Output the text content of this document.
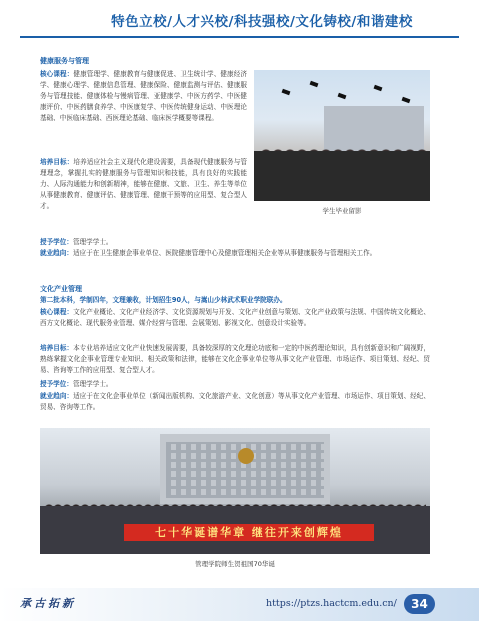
特色立校/人才兴校/科技强校/文化铸校/和谐建校
健康服务与管理
核心课程：健康管理学、健康教育与健康促进、卫生统计学、健康经济学、健康心理学、健康信息管理、健康保险、健康监测与评估、健康服务与管理技能、健康体检与慢病管理、亚健康学、中医方药学、中医健康评价、中医药膳食养学、中医康复学、中医传统健身运动、中医理论基础、中医临床基础、西医理论基础、临床医学概要等课程。
培养目标：培养适应社会主义现代化建设需要，具备现代健康服务与管理理念，掌握扎实的健康服务与管理知识和技能，具有良好的实践能力、人际沟通能力和创新精神，能够在健康、文旅、卫生、养生等单位从事健康教育、健康评估、健康管理、健康干预等的应用型、复合型人才。
授予学位：管理学学士。
就业趋向：适应于在卫生健康企事业单位、医院健康管理中心及健康管理相关企业等从事健康服务与管理相关工作。
学生毕业留影
文化产业管理
第二批本科，学制四年，文理兼收，计划招生90人，与嵩山少林武术职业学院联办。
核心课程：文化产业概论、文化产业经济学、文化资源规划与开发、文化产业创意与策划、文化产业政策与法规、中国传统文化概论、西方文化概论、现代服务业管理、媒介经营与管理、会展策划、影视文化、创意设计实验等。
培养目标：本专业培养适应文化产业快速发展需要，具备较深厚的文化理论功底和一定的中医药理论知识，具有创新意识和广阔视野，熟练掌握文化企事业管理专业知识、相关政策和法律，能够在文化企事业单位等从事文化产业管理、市场运作、项目策划、经纪、贸易、咨询等工作的应用型、复合型人才。
授予学位：管理学学士。
就业趋向：适应于在文化企事业单位（新闻出版机构、文化旅游产业、文化创意）等从事文化产业管理、市场运作、项目策划、经纪、贸易、咨询等工作。
七十华诞谱华章 继往开来创辉煌
管理学院师生贺祖国70华诞
承古拓新	https://ptzs.hactcm.edu.cn/	34
